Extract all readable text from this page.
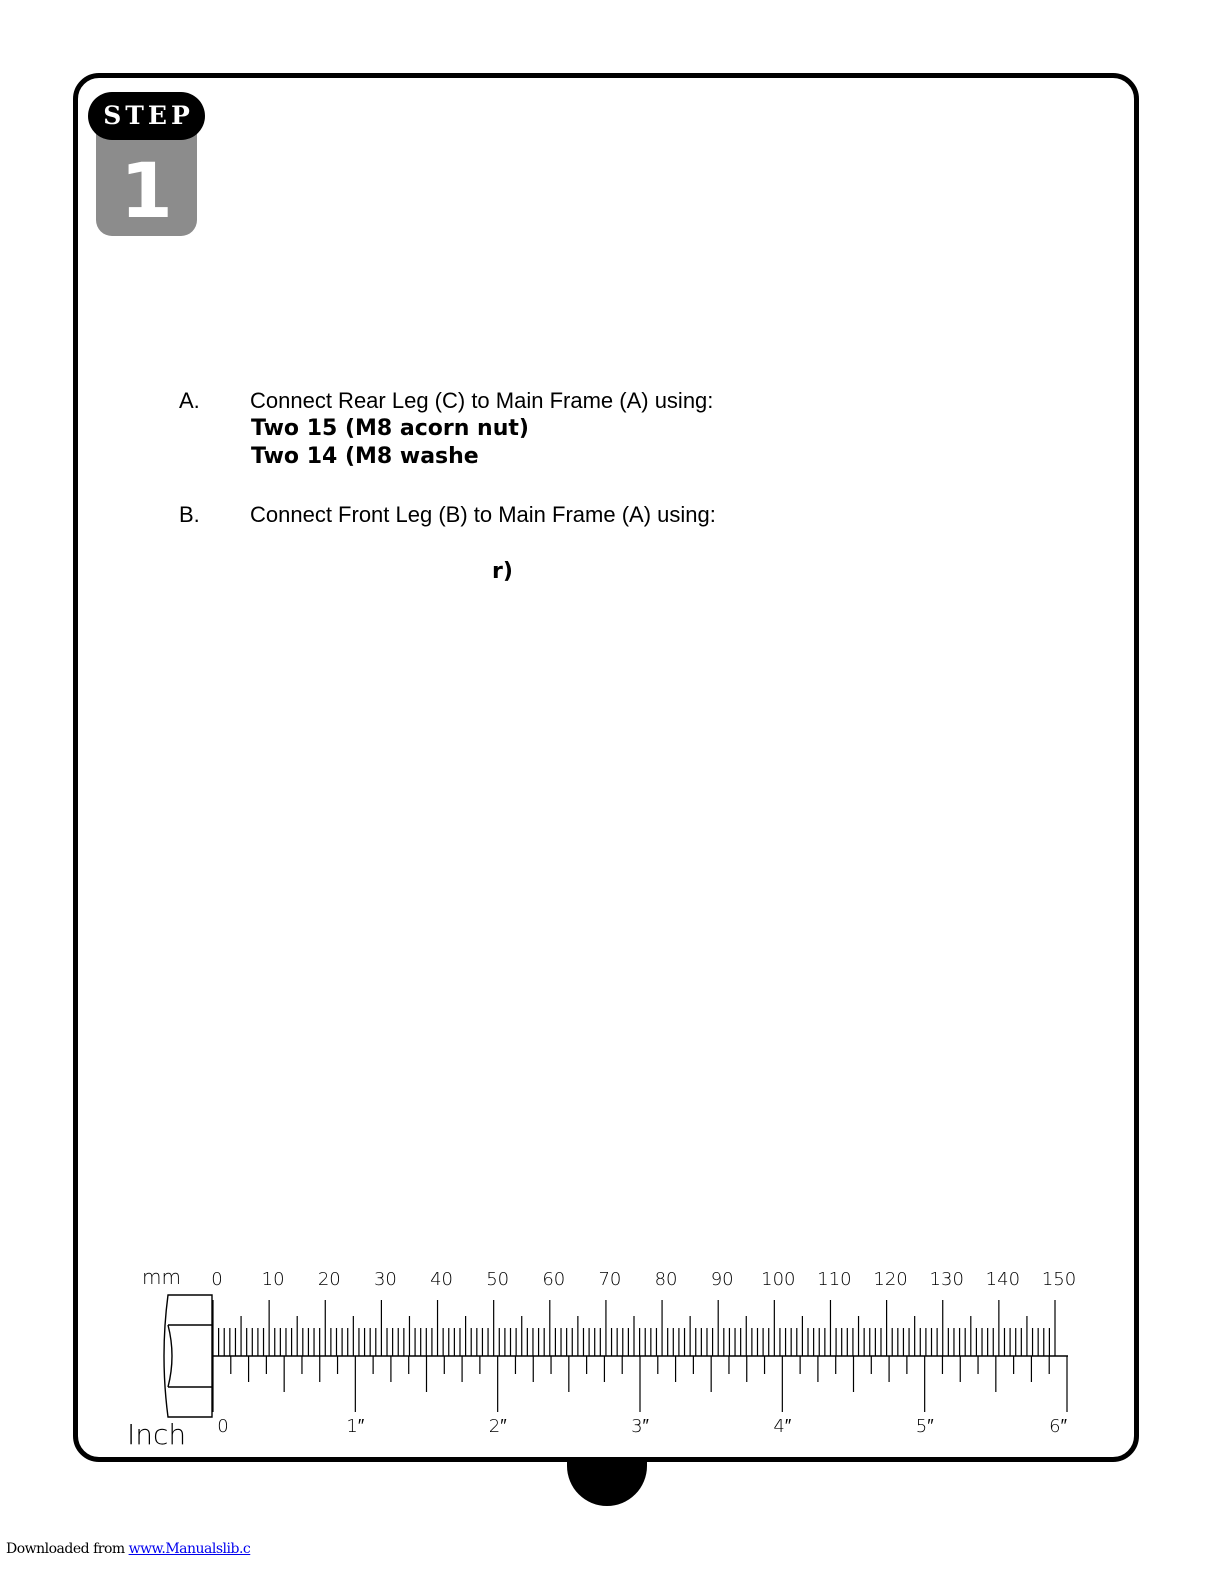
1
STEP
A. Connect Rear Leg (C) to Main Frame (A) using:
Two 15 (M8 acorn nut)
Two 14 (M8 washe
B. Connect Front Leg (B) to Main Frame (A) using:
r)
mm
Inch
0 10 20 30 40 50 60 70 80 90 100 110 120 130 140 150
0	1″	2″	3″	4″	5″	6″
Downloaded from www.Manualslib.c
